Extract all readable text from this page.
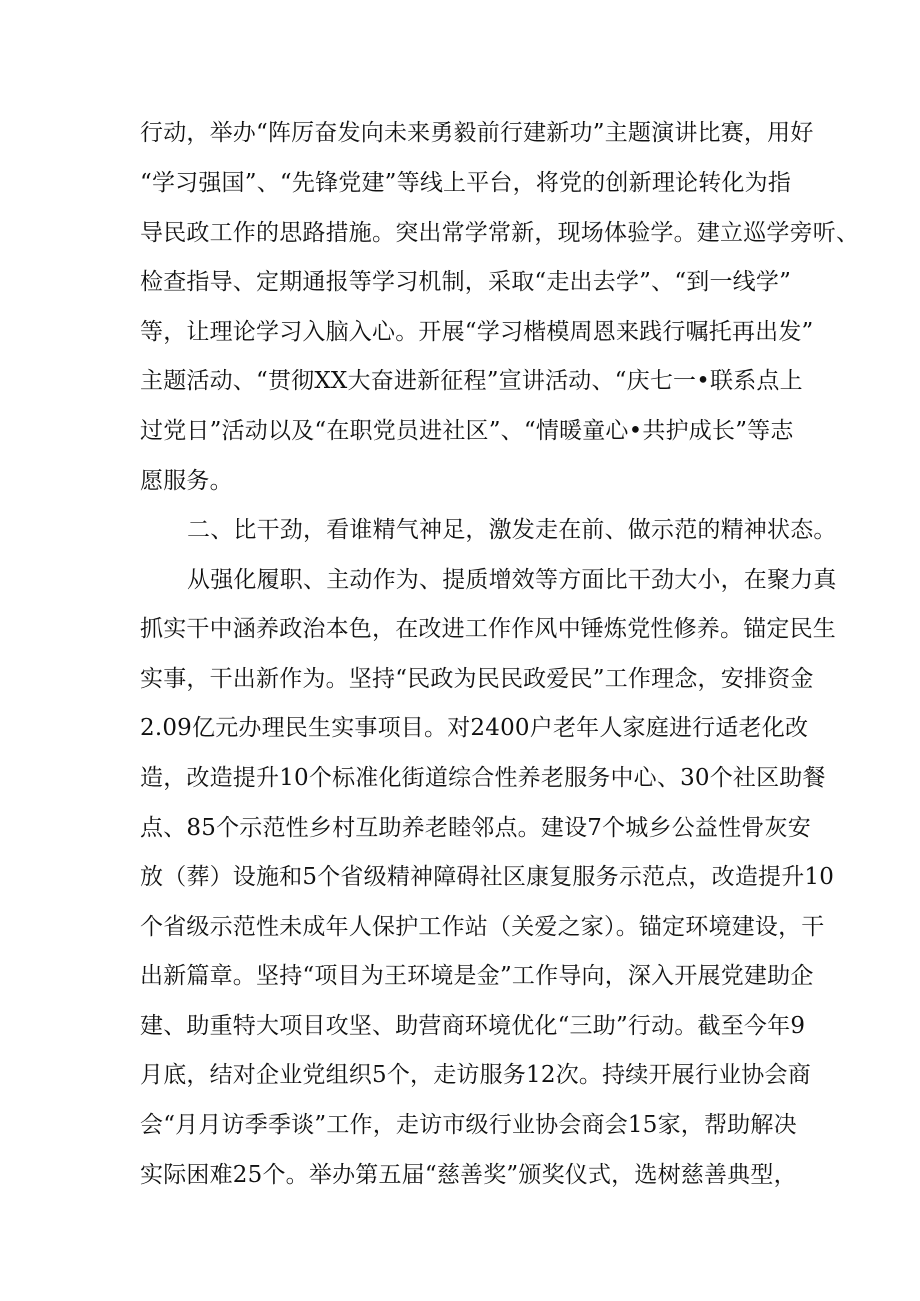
行动，举办“阵厉奋发向未来勇毅前行建新功”主题演讲比赛，用好
“学习强国”、“先锋党建”等线上平台，将党的创新理论转化为指
导民政工作的思路措施。突出常学常新，现场体验学。建立巡学旁听、
检查指导、定期通报等学习机制，采取“走出去学”、“到一线学”
等，让理论学习入脑入心。开展“学习楷模周恩来践行嘱托再出发”
主题活动、“贯彻XX大奋进新征程”宣讲活动、“庆七一•联系点上
过党日”活动以及“在职党员进社区”、“情暖童心•共护成长”等志
愿服务。
二、比干劲，看谁精气神足，激发走在前、做示范的精神状态。
从强化履职、主动作为、提质增效等方面比干劲大小，在聚力真
抓实干中涵养政治本色，在改进工作作风中锤炼党性修养。锚定民生
实事，干出新作为。坚持“民政为民民政爱民”工作理念，安排资金
2.09亿元办理民生实事项目。对2400户老年人家庭进行适老化改
造，改造提升10个标准化街道综合性养老服务中心、30个社区助餐
点、85个示范性乡村互助养老睦邻点。建设7个城乡公益性骨灰安
放（葬）设施和5个省级精神障碍社区康复服务示范点，改造提升10
个省级示范性未成年人保护工作站（关爱之家）。锚定环境建设，干
出新篇章。坚持“项目为王环境是金”工作导向，深入开展党建助企
建、助重特大项目攻坚、助营商环境优化“三助”行动。截至今年9
月底，结对企业党组织5个，走访服务12次。持续开展行业协会商
会“月月访季季谈”工作，走访市级行业协会商会15家，帮助解决
实际困难25个。举办第五届“慈善奖”颁奖仪式，选树慈善典型，
